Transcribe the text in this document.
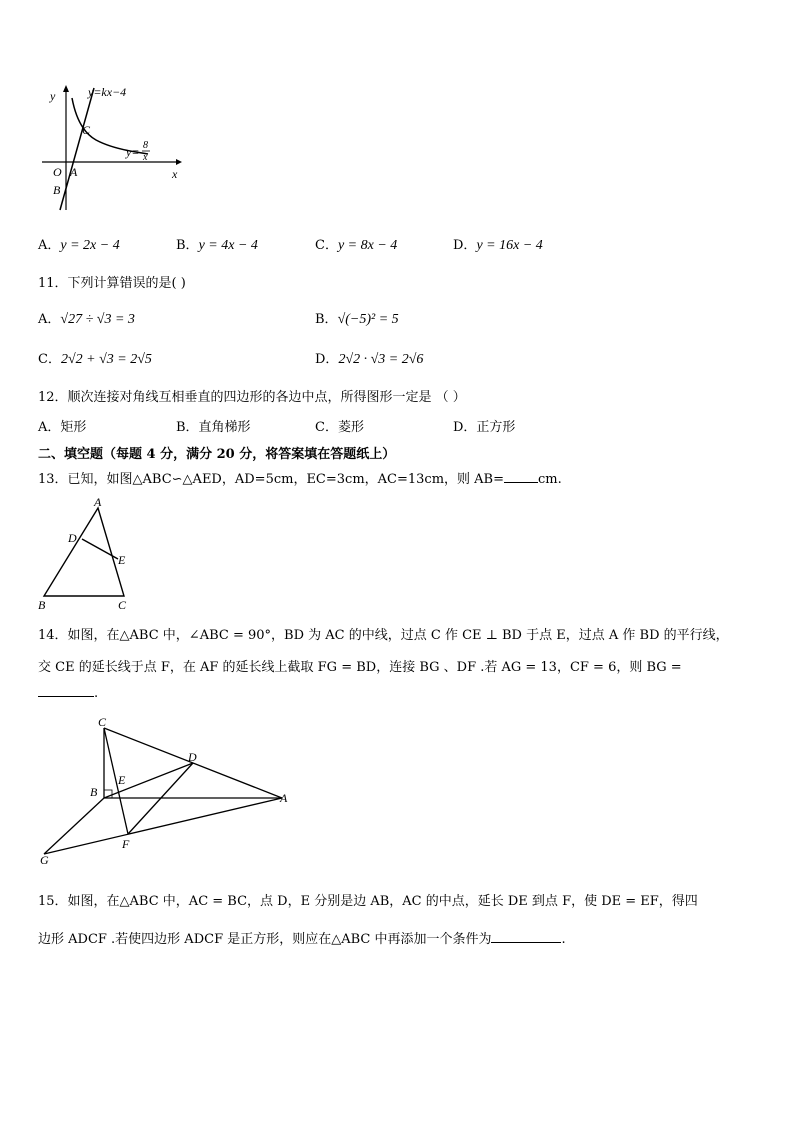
y
x
y=kx−4
y= 8
x
C
O A
B
A．y = 2x − 4	B．y = 4x − 4	C．y = 8x − 4	D．y = 16x − 4
11．下列计算错误的是( )
A．√27 ÷ √3 = 3	B．√(−5)² = 5
C．2√2 + √3 = 2√5	D．2√2 · √3 = 2√6
12．顺次连接对角线互相垂直的四边形的各边中点，所得图形一定是 （ ）
A．矩形	B．直角梯形	C．菱形	D．正方形
二、填空题（每题 4 分，满分 20 分，将答案填在答题纸上）
13．已知，如图△ABC∽△AED，AD=5cm，EC=3cm，AC=13cm，则 AB=	cm.
A
D
E
B	C
14．如图，在△ABC 中，∠ABC = 90°，BD 为 AC 的中线，过点 C 作 CE ⊥ BD 于点 E，过点 A 作 BD 的平行线，
交 CE 的延长线于点 F，在 AF 的延长线上截取 FG = BD，连接 BG 、DF .若 AG = 13，CF = 6，则 BG =
.
C
D
E
B	A
F
G
15．如图，在△ABC 中，AC = BC，点 D，E 分别是边 AB，AC 的中点，延长 DE 到点 F，使 DE = EF，得四
边形 ADCF .若使四边形 ADCF 是正方形，则应在△ABC 中再添加一个条件为	.
